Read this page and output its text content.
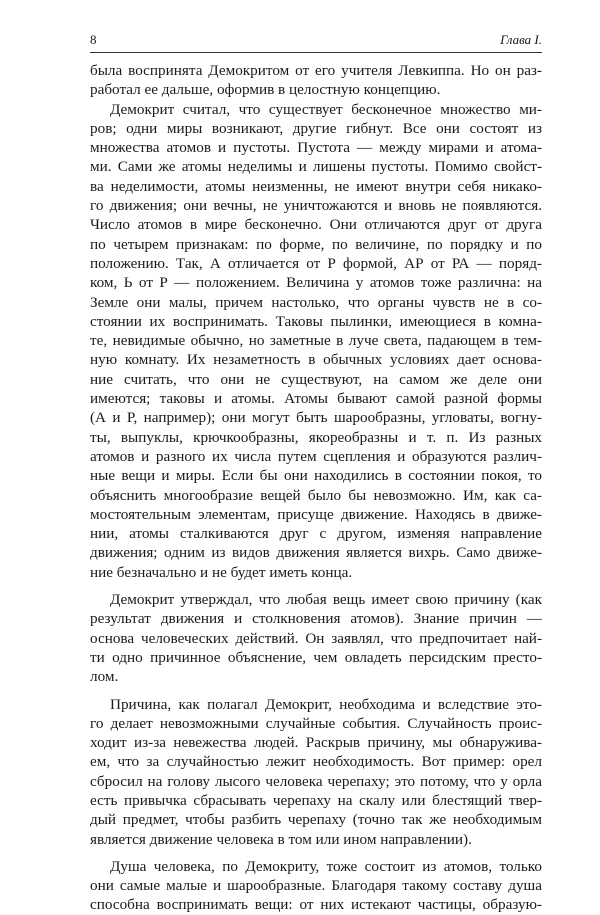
8	Глава I.
была воспринята Демокритом от его учителя Левкиппа. Но он раз-
работал ее дальше, оформив в целостную концепцию.
Демокрит считал, что существует бесконечное множество ми-
ров; одни миры возникают, другие гибнут. Все они состоят из
множества атомов и пустоты. Пустота — между мирами и атома-
ми. Сами же атомы неделимы и лишены пустоты. Помимо свойст-
ва неделимости, атомы неизменны, не имеют внутри себя никако-
го движения; они вечны, не уничтожаются и вновь не появляются.
Число атомов в мире бесконечно. Они отличаются друг от друга
по четырем признакам: по форме, по величине, по порядку и по
положению. Так, А отличается от Р формой, АР от РА — поряд-
ком, Ь от Р — положением. Величина у атомов тоже различна: на
Земле они малы, причем настолько, что органы чувств не в со-
стоянии их воспринимать. Таковы пылинки, имеющиеся в комна-
те, невидимые обычно, но заметные в луче света, падающем в тем-
ную комнату. Их незаметность в обычных условиях дает основа-
ние считать, что они не существуют, на самом же деле они
имеются; таковы и атомы. Атомы бывают самой разной формы
(А и Р, например); они могут быть шарообразны, угловаты, вогну-
ты, выпуклы, крючкообразны, якореобразны и т. п. Из разных
атомов и разного их числа путем сцепления и образуются различ-
ные вещи и миры. Если бы они находились в состоянии покоя, то
объяснить многообразие вещей было бы невозможно. Им, как са-
мостоятельным элементам, присуще движение. Находясь в движе-
нии, атомы сталкиваются друг с другом, изменяя направление
движения; одним из видов движения является вихрь. Само движе-
ние безначально и не будет иметь конца.
Демокрит утверждал, что любая вещь имеет свою причину (как
результат движения и столкновения атомов). Знание причин —
основа человеческих действий. Он заявлял, что предпочитает най-
ти одно причинное объяснение, чем овладеть персидским престо-
лом.
Причина, как полагал Демокрит, необходима и вследствие это-
го делает невозможными случайные события. Случайность проис-
ходит из-за невежества людей. Раскрыв причину, мы обнаружива-
ем, что за случайностью лежит необходимость. Вот пример: орел
сбросил на голову лысого человека черепаху; это потому, что у орла
есть привычка сбрасывать черепаху на скалу или блестящий твер-
дый предмет, чтобы разбить черепаху (точно так же необходимым
является движение человека в том или ином направлении).
Душа человека, по Демокриту, тоже состоит из атомов, только
они самые малые и шарообразные. Благодаря такому составу душа
способна воспринимать вещи: от них истекают частицы, образую-
